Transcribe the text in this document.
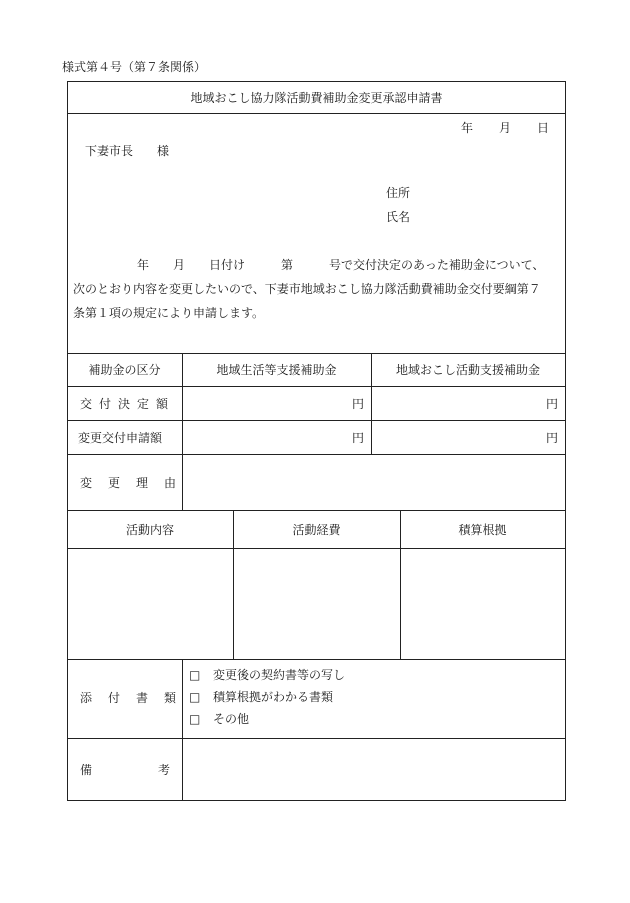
様式第４号（第７条関係）
地域おこし協力隊活動費補助金変更承認申請書
年 月 日
下妻市長　　様
住所
氏名
年　　月　　日付け　　　第　　　号で交付決定のあった補助金について、
次のとおり内容を変更したいので、下妻市地域おこし協力隊活動費補助金交付要綱第７
条第１項の規定により申請します。
補助金の区分	地域生活等支援補助金	地域おこし活動支援補助金
交付決定額	円	円
変更交付申請額	円	円
変更理由
活動内容	活動経費	積算根拠
添付書類
□ 変更後の契約書等の写し
□ 積算根拠がわかる書類
□ その他
備考
